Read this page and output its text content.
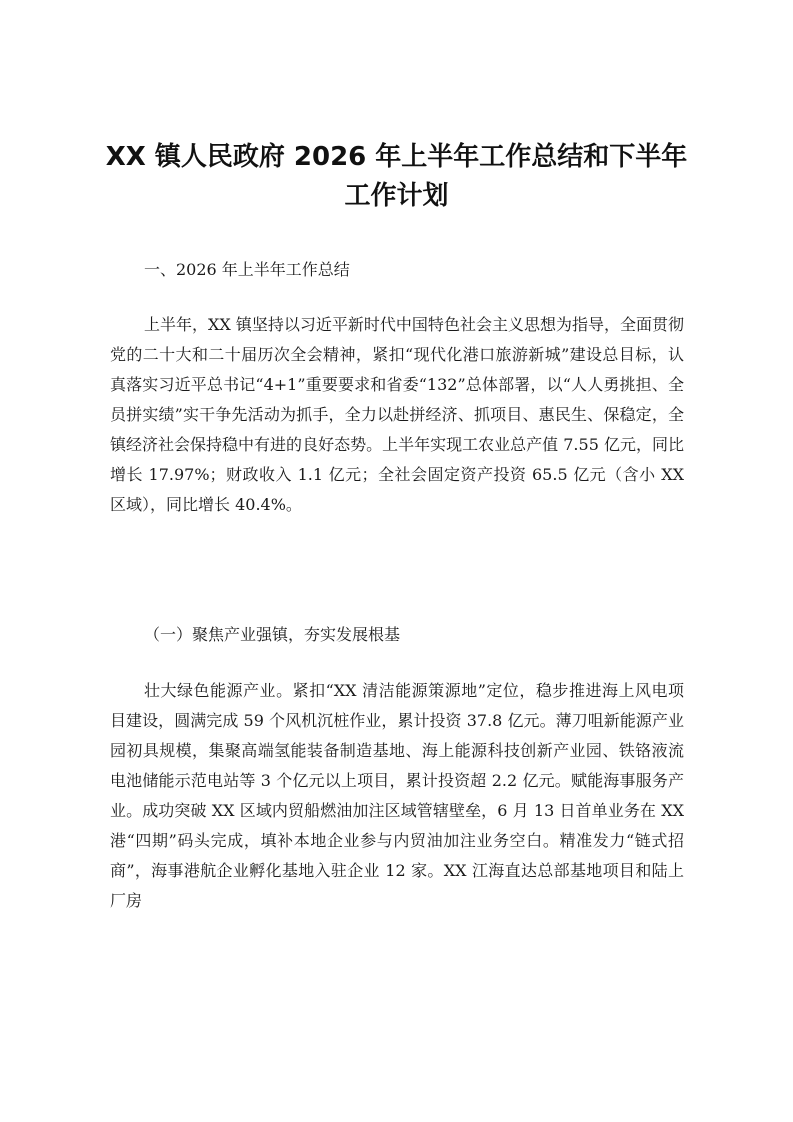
XX 镇人民政府 2026 年上半年工作总结和下半年工作计划
一、2026 年上半年工作总结
上半年，XX 镇坚持以习近平新时代中国特色社会主义思想为指导，全面贯彻党的二十大和二十届历次全会精神，紧扣“现代化港口旅游新城”建设总目标，认真落实习近平总书记“4+1”重要要求和省委“132”总体部署，以“人人勇挑担、全员拼实绩”实干争先活动为抓手，全力以赴拼经济、抓项目、惠民生、保稳定，全镇经济社会保持稳中有进的良好态势。上半年实现工农业总产值 7.55 亿元，同比增长 17.97%；财政收入 1.1 亿元；全社会固定资产投资 65.5 亿元（含小 XX 区域），同比增长 40.4%。
（一）聚焦产业强镇，夯实发展根基
壮大绿色能源产业。紧扣“XX 清洁能源策源地”定位，稳步推进海上风电项目建设，圆满完成 59 个风机沉桩作业，累计投资 37.8 亿元。薄刀咀新能源产业园初具规模，集聚高端氢能装备制造基地、海上能源科技创新产业园、铁铬液流电池储能示范电站等 3 个亿元以上项目，累计投资超 2.2 亿元。赋能海事服务产业。成功突破 XX 区域内贸船燃油加注区域管辖壁垒，6 月 13 日首单业务在 XX 港“四期”码头完成，填补本地企业参与内贸油加注业务空白。精准发力“链式招商”，海事港航企业孵化基地入驻企业 12 家。XX 江海直达总部基地项目和陆上厂房
